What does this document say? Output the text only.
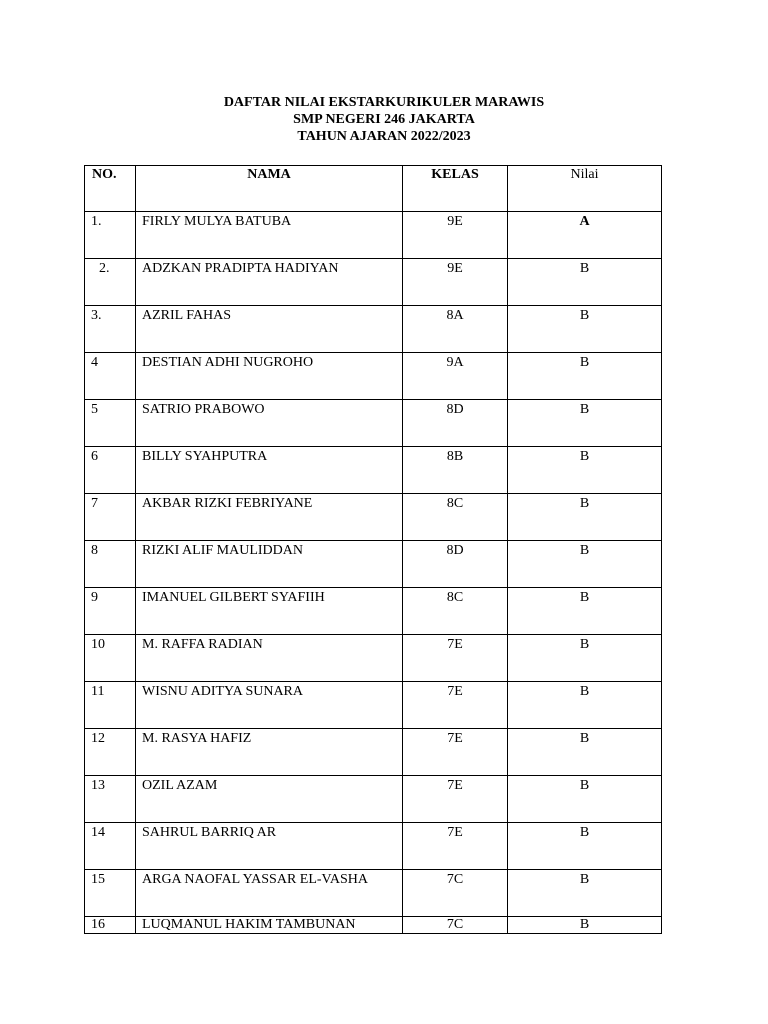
DAFTAR NILAI EKSTARKURIKULER MARAWIS
SMP NEGERI 246 JAKARTA
TAHUN AJARAN 2022/2023
NO.	NAMA	KELAS	Nilai
1.	FIRLY MULYA BATUBA	9E	A
2.	ADZKAN PRADIPTA HADIYAN	9E	B
3.	AZRIL FAHAS	8A	B
4	DESTIAN ADHI NUGROHO	9A	B
5	SATRIO PRABOWO	8D	B
6	BILLY SYAHPUTRA	8B	B
7	AKBAR RIZKI FEBRIYANE	8C	B
8	RIZKI ALIF MAULIDDAN	8D	B
9	IMANUEL GILBERT SYAFIIH	8C	B
10	M. RAFFA RADIAN	7E	B
11	WISNU ADITYA SUNARA	7E	B
12	M. RASYA HAFIZ	7E	B
13	OZIL AZAM	7E	B
14	SAHRUL BARRIQ AR	7E	B
15	ARGA NAOFAL YASSAR EL-VASHA	7C	B
16	LUQMANUL HAKIM TAMBUNAN	7C	B
